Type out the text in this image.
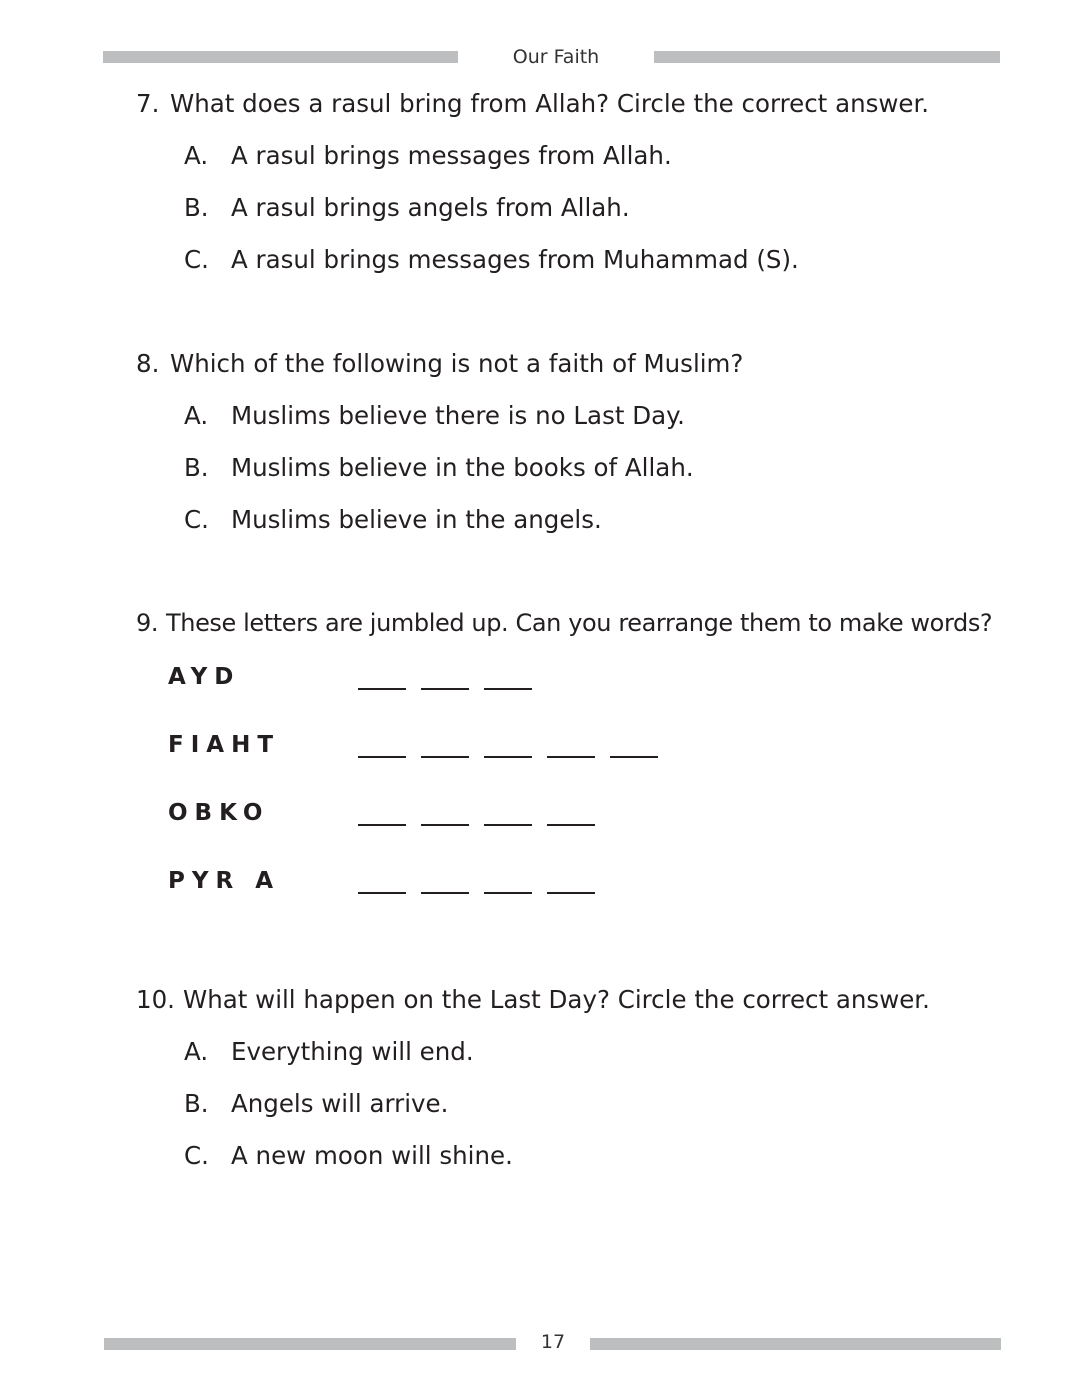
Our Faith
7. What does a rasul bring from Allah? Circle the correct answer.
A. A rasul brings messages from Allah.
B. A rasul brings angels from Allah.
C. A rasul brings messages from Muhammad (S).
8. Which of the following is not a faith of Muslim?
A. Muslims believe there is no Last Day.
B. Muslims believe in the books of Allah.
C. Muslims believe in the angels.
9. These letters are jumbled up. Can you rearrange them to make words?
AYD
FIAHT
OBKO
PYR A
10. What will happen on the Last Day? Circle the correct answer.
A. Everything will end.
B. Angels will arrive.
C. A new moon will shine.
17
